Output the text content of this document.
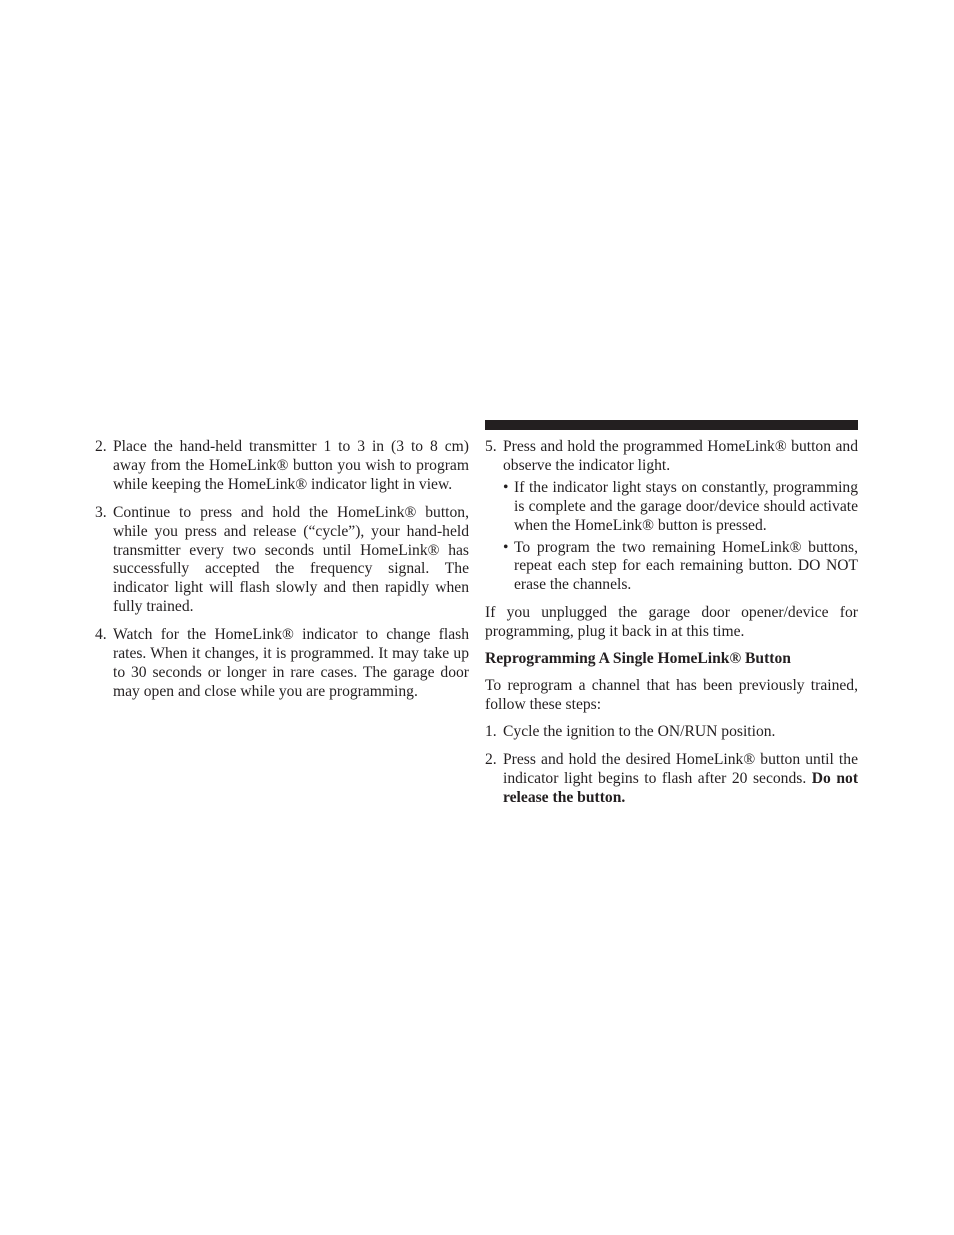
2. Place the hand-held transmitter 1 to 3 in (3 to 8 cm) away from the HomeLink® button you wish to program while keeping the HomeLink® indicator light in view.
3. Continue to press and hold the HomeLink® button, while you press and release (“cycle”), your hand-held transmitter every two seconds until HomeLink® has successfully accepted the frequency signal. The indicator light will flash slowly and then rapidly when fully trained.
4. Watch for the HomeLink® indicator to change flash rates. When it changes, it is programmed. It may take up to 30 seconds or longer in rare cases. The garage door may open and close while you are programming.
5. Press and hold the programmed HomeLink® button and observe the indicator light.
• If the indicator light stays on constantly, programming is complete and the garage door/device should activate when the HomeLink® button is pressed.
• To program the two remaining HomeLink® buttons, repeat each step for each remaining button. DO NOT erase the channels.

If you unplugged the garage door opener/device for programming, plug it back in at this time.

Reprogramming A Single HomeLink® Button

To reprogram a channel that has been previously trained, follow these steps:

1. Cycle the ignition to the ON/RUN position.
2. Press and hold the desired HomeLink® button until the indicator light begins to flash after 20 seconds. Do not release the button.
